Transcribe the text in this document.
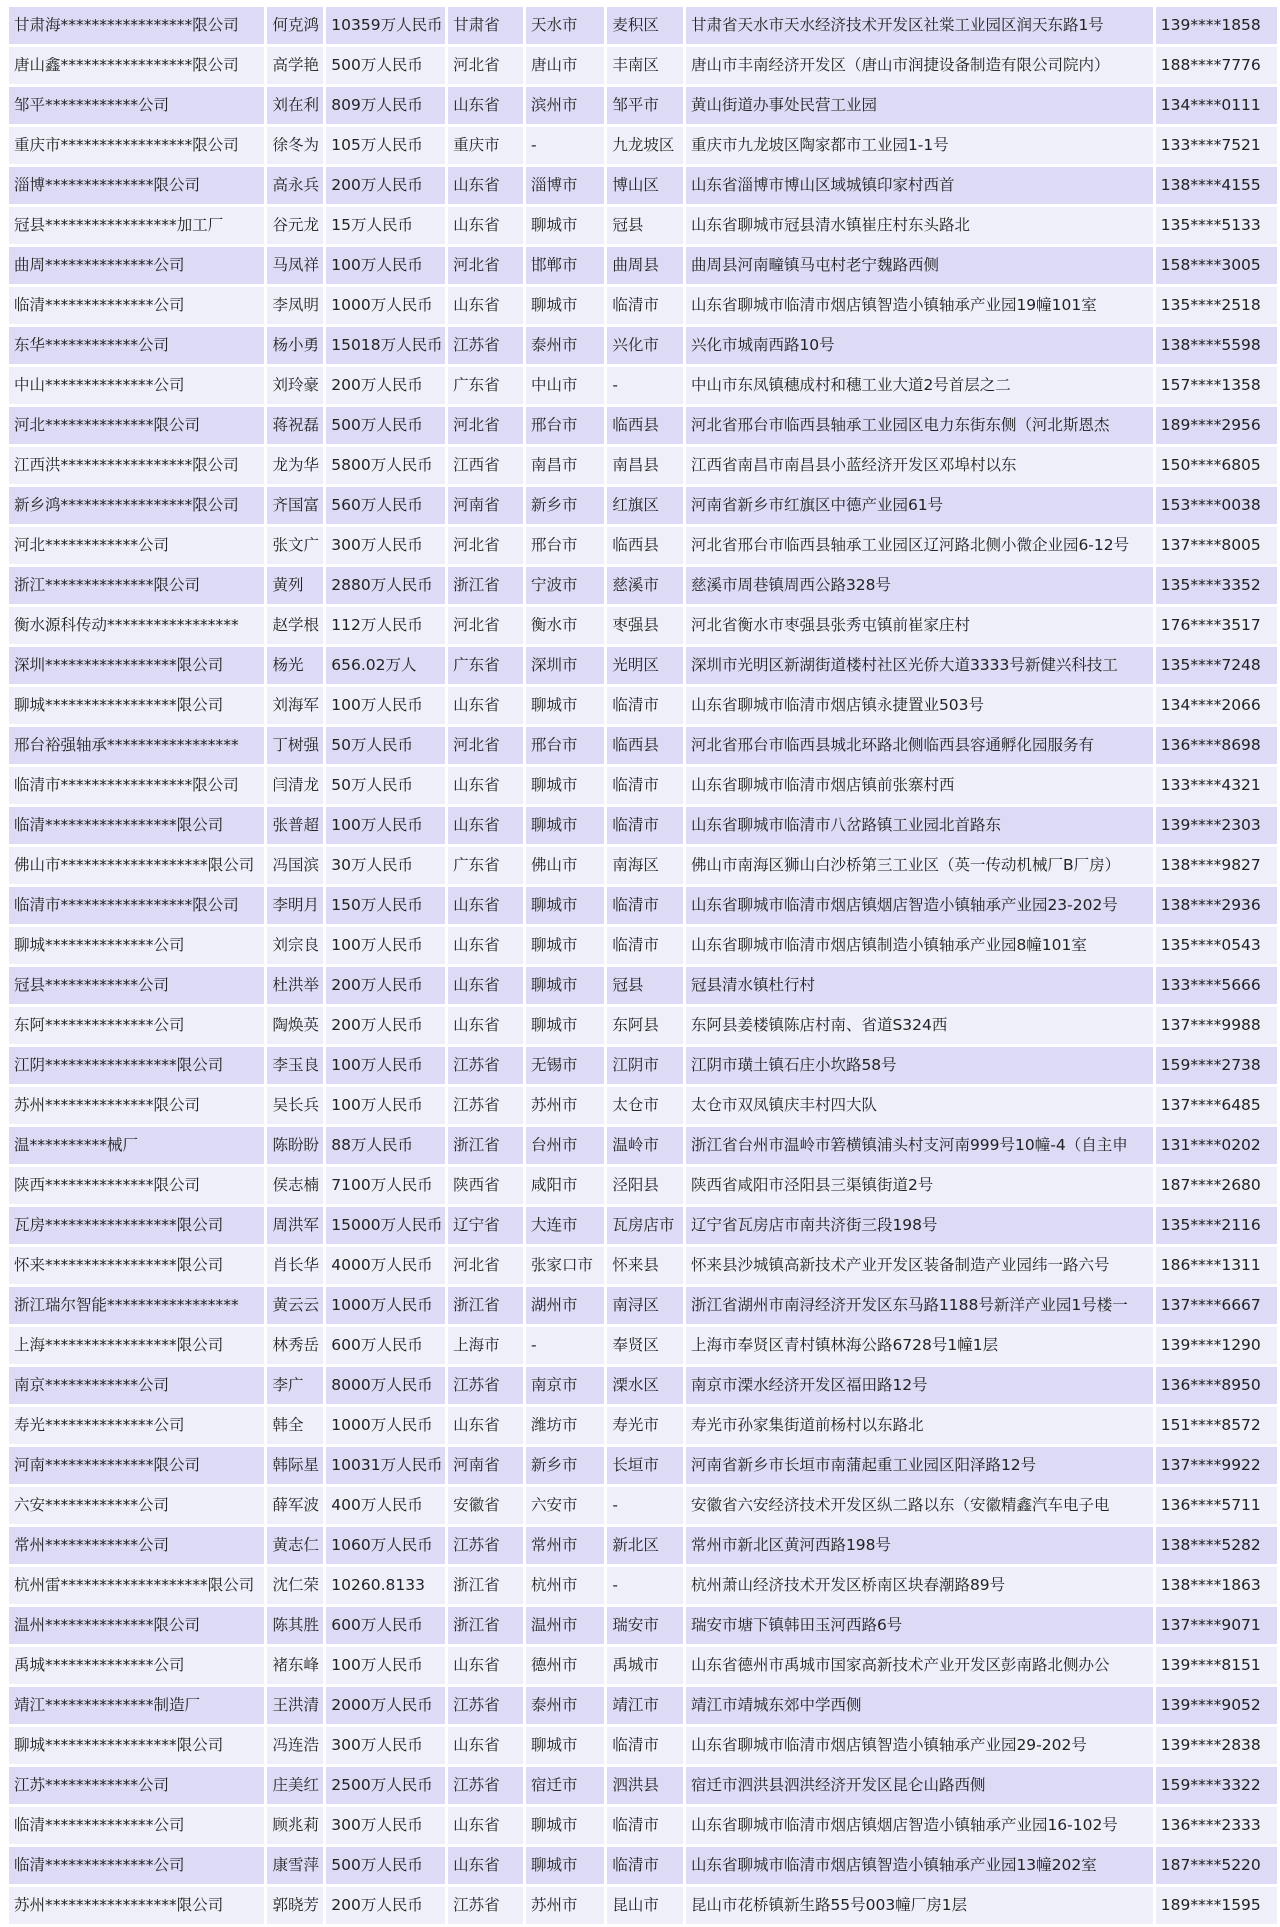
甘肃海*****************限公司	何克鸿	10359万人民币	甘肃省	天水市	麦积区	甘肃省天水市天水经济技术开发区社棠工业园区润天东路1号	139****1858
唐山鑫*****************限公司	高学艳	500万人民币	河北省	唐山市	丰南区	唐山市丰南经济开发区（唐山市润捷设备制造有限公司院内）	188****7776
邹平************公司	刘在利	809万人民币	山东省	滨州市	邹平市	黄山街道办事处民营工业园	134****0111
重庆市*****************限公司	徐冬为	105万人民币	重庆市	-	九龙坡区	重庆市九龙坡区陶家都市工业园1-1号	133****7521
淄博**************限公司	高永兵	200万人民币	山东省	淄博市	博山区	山东省淄博市博山区域城镇印家村西首	138****4155
冠县*****************加工厂	谷元龙	15万人民币	山东省	聊城市	冠县	山东省聊城市冠县清水镇崔庄村东头路北	135****5133
曲周**************公司	马凤祥	100万人民币	河北省	邯郸市	曲周县	曲周县河南疃镇马屯村老宁魏路西侧	158****3005
临清**************公司	李凤明	1000万人民币	山东省	聊城市	临清市	山东省聊城市临清市烟店镇智造小镇轴承产业园19幢101室	135****2518
东华************公司	杨小勇	15018万人民币	江苏省	泰州市	兴化市	兴化市城南西路10号	138****5598
中山**************公司	刘玲豪	200万人民币	广东省	中山市	-	中山市东凤镇穗成村和穗工业大道2号首层之二	157****1358
河北**************限公司	蒋祝磊	500万人民币	河北省	邢台市	临西县	河北省邢台市临西县轴承工业园区电力东街东侧（河北斯恩杰	189****2956
江西洪*****************限公司	龙为华	5800万人民币	江西省	南昌市	南昌县	江西省南昌市南昌县小蓝经济开发区邓埠村以东	150****6805
新乡鸿*****************限公司	齐国富	560万人民币	河南省	新乡市	红旗区	河南省新乡市红旗区中德产业园61号	153****0038
河北************公司	张文广	300万人民币	河北省	邢台市	临西县	河北省邢台市临西县轴承工业园区辽河路北侧小微企业园6-12号	137****8005
浙江**************限公司	黄列	2880万人民币	浙江省	宁波市	慈溪市	慈溪市周巷镇周西公路328号	135****3352
衡水源科传动*****************	赵学根	112万人民币	河北省	衡水市	枣强县	河北省衡水市枣强县张秀屯镇前崔家庄村	176****3517
深圳*****************限公司	杨光	656.02万人	广东省	深圳市	光明区	深圳市光明区新湖街道楼村社区光侨大道3333号新健兴科技工	135****7248
聊城*****************限公司	刘海军	100万人民币	山东省	聊城市	临清市	山东省聊城市临清市烟店镇永捷置业503号	134****2066
邢台裕强轴承*****************	丁树强	50万人民币	河北省	邢台市	临西县	河北省邢台市临西县城北环路北侧临西县容通孵化园服务有	136****8698
临清市*****************限公司	闫清龙	50万人民币	山东省	聊城市	临清市	山东省聊城市临清市烟店镇前张寨村西	133****4321
临清*****************限公司	张普超	100万人民币	山东省	聊城市	临清市	山东省聊城市临清市八岔路镇工业园北首路东	139****2303
佛山市*******************限公司	冯国滨	30万人民币	广东省	佛山市	南海区	佛山市南海区狮山白沙桥第三工业区（英一传动机械厂B厂房）	138****9827
临清市*****************限公司	李明月	150万人民币	山东省	聊城市	临清市	山东省聊城市临清市烟店镇烟店智造小镇轴承产业园23-202号	138****2936
聊城**************公司	刘宗良	100万人民币	山东省	聊城市	临清市	山东省聊城市临清市烟店镇制造小镇轴承产业园8幢101室	135****0543
冠县************公司	杜洪举	200万人民币	山东省	聊城市	冠县	冠县清水镇杜行村	133****5666
东阿**************公司	陶焕英	200万人民币	山东省	聊城市	东阿县	东阿县姜楼镇陈店村南、省道S324西	137****9988
江阴*****************限公司	李玉良	100万人民币	江苏省	无锡市	江阴市	江阴市璜土镇石庄小坎路58号	159****2738
苏州**************限公司	吴长兵	100万人民币	江苏省	苏州市	太仓市	太仓市双凤镇庆丰村四大队	137****6485
温**********械厂	陈盼盼	88万人民币	浙江省	台州市	温岭市	浙江省台州市温岭市箬横镇浦头村支河南999号10幢-4（自主申	131****0202
陕西**************限公司	侯志楠	7100万人民币	陕西省	咸阳市	泾阳县	陕西省咸阳市泾阳县三渠镇街道2号	187****2680
瓦房*****************限公司	周洪军	15000万人民币	辽宁省	大连市	瓦房店市	辽宁省瓦房店市南共济街三段198号	135****2116
怀来*****************限公司	肖长华	4000万人民币	河北省	张家口市	怀来县	怀来县沙城镇高新技术产业开发区装备制造产业园纬一路六号	186****1311
浙江瑞尔智能*****************	黄云云	1000万人民币	浙江省	湖州市	南浔区	浙江省湖州市南浔经济开发区东马路1188号新洋产业园1号楼一	137****6667
上海*****************限公司	林秀岳	600万人民币	上海市	-	奉贤区	上海市奉贤区青村镇林海公路6728号1幢1层	139****1290
南京************公司	李广	8000万人民币	江苏省	南京市	溧水区	南京市溧水经济开发区福田路12号	136****8950
寿光**************公司	韩全	1000万人民币	山东省	潍坊市	寿光市	寿光市孙家集街道前杨村以东路北	151****8572
河南**************限公司	韩际星	10031万人民币	河南省	新乡市	长垣市	河南省新乡市长垣市南蒲起重工业园区阳泽路12号	137****9922
六安************公司	薛军波	400万人民币	安徽省	六安市	-	安徽省六安经济技术开发区纵二路以东（安徽精鑫汽车电子电	136****5711
常州************公司	黄志仁	1060万人民币	江苏省	常州市	新北区	常州市新北区黄河西路198号	138****5282
杭州雷*******************限公司	沈仁荣	10260.8133	浙江省	杭州市	-	杭州萧山经济技术开发区桥南区块春潮路89号	138****1863
温州**************限公司	陈其胜	600万人民币	浙江省	温州市	瑞安市	瑞安市塘下镇韩田玉河西路6号	137****9071
禹城**************公司	褚东峰	100万人民币	山东省	德州市	禹城市	山东省德州市禹城市国家高新技术产业开发区彭南路北侧办公	139****8151
靖江**************制造厂	王洪清	2000万人民币	江苏省	泰州市	靖江市	靖江市靖城东郊中学西侧	139****9052
聊城*****************限公司	冯连浩	300万人民币	山东省	聊城市	临清市	山东省聊城市临清市烟店镇智造小镇轴承产业园29-202号	139****2838
江苏************公司	庄美红	2500万人民币	江苏省	宿迁市	泗洪县	宿迁市泗洪县泗洪经济开发区昆仑山路西侧	159****3322
临清**************公司	顾兆莉	300万人民币	山东省	聊城市	临清市	山东省聊城市临清市烟店镇烟店智造小镇轴承产业园16-102号	136****2333
临清**************公司	康雪萍	500万人民币	山东省	聊城市	临清市	山东省聊城市临清市烟店镇智造小镇轴承产业园13幢202室	187****5220
苏州*****************限公司	郭晓芳	200万人民币	江苏省	苏州市	昆山市	昆山市花桥镇新生路55号003幢厂房1层	189****1595
